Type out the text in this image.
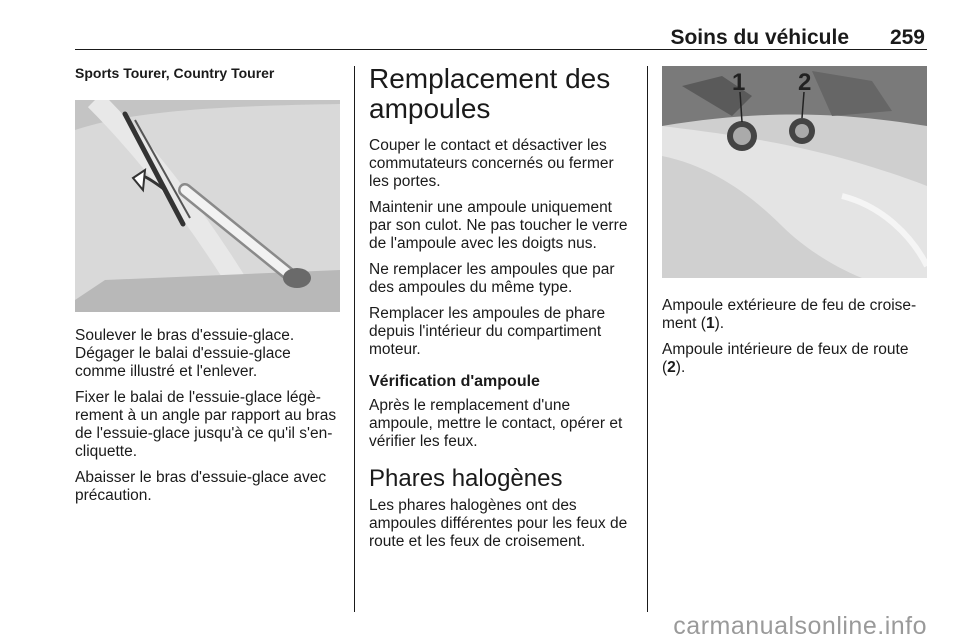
Soins du véhicule 259
Sports Tourer, Country Tourer

Soulever le bras d'essuie-glace. Dégager le balai d'essuie-glace comme illustré et l'enlever.

Fixer le balai de l'essuie-glace légè-rement à un angle par rapport au bras de l'essuie-glace jusqu'à ce qu'il s'en-cliquette.

Abaisser le bras d'essuie-glace avec précaution.

Remplacement des ampoules

Couper le contact et désactiver les commutateurs concernés ou fermer les portes.

Maintenir une ampoule uniquement par son culot. Ne pas toucher le verre de l'ampoule avec les doigts nus.

Ne remplacer les ampoules que par des ampoules du même type.

Remplacer les ampoules de phare depuis l'intérieur du compartiment moteur.

Vérification d'ampoule

Après le remplacement d'une ampoule, mettre le contact, opérer et vérifier les feux.

Phares halogènes

Les phares halogènes ont des ampoules différentes pour les feux de route et les feux de croisement.

1 2

Ampoule extérieure de feu de croise-ment (1).

Ampoule intérieure de feux de route (2).

carmanualsonline.info
